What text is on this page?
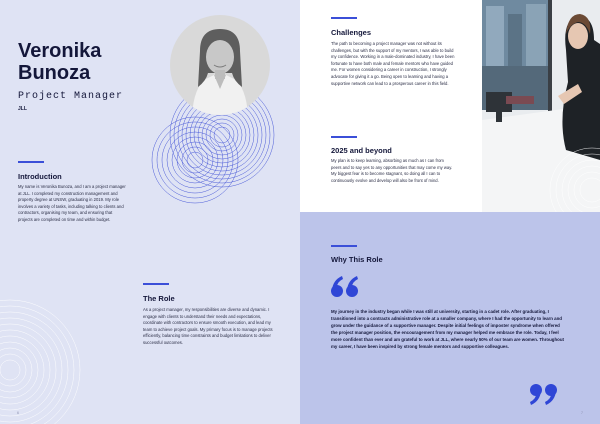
Veronika
Bunoza
Project Manager
JLL
Introduction

My name is Veronika Bunoza, and I am a project manager at JLL. I completed my construction management and property degree at UNSW, graduating in 2019. My role involves a variety of tasks, including talking to clients and contractors, organising my team, and ensuring that projects are completed on time and within budget.

The Role

As a project manager, my responsibilities are diverse and dynamic. I engage with clients to understand their needs and expectations, coordinate with contractors to ensure smooth execution, and lead my team to achieve project goals. My primary focus is to manage projects efficiently, balancing time constraints and budget limitations to deliver successful outcomes.

6
Challenges

The path to becoming a project manager was not without its challenges, but with the support of my mentors, I was able to build my confidence. Working in a male-dominated industry, I have been fortunate to have both male and female mentors who have guided me. For women considering a career in construction, I strongly advocate for giving it a go. Being open to learning and having a supportive network can lead to a prosperous career in this field.

2025 and beyond

My plan is to keep learning, absorbing as much as I can from peers and to say yes to any opportunities that may come my way. My biggest fear is to become stagnant, so doing all I can to continuously evolve and develop will also be front of mind.

Why This Role

My journey in the industry began while I was still at university, starting in a cadet role. After graduating, I transitioned into a contracts administrative role at a smaller company, where I had the opportunity to learn and grow under the guidance of a supportive manager. Despite initial feelings of imposter syndrome when offered the project manager position, the encouragement from my manager helped me embrace the role. Today, I feel more confident than ever and am grateful to work at JLL, where nearly 50% of our team are women. Throughout my career, I have been inspired by strong female mentors and supportive colleagues.

7
